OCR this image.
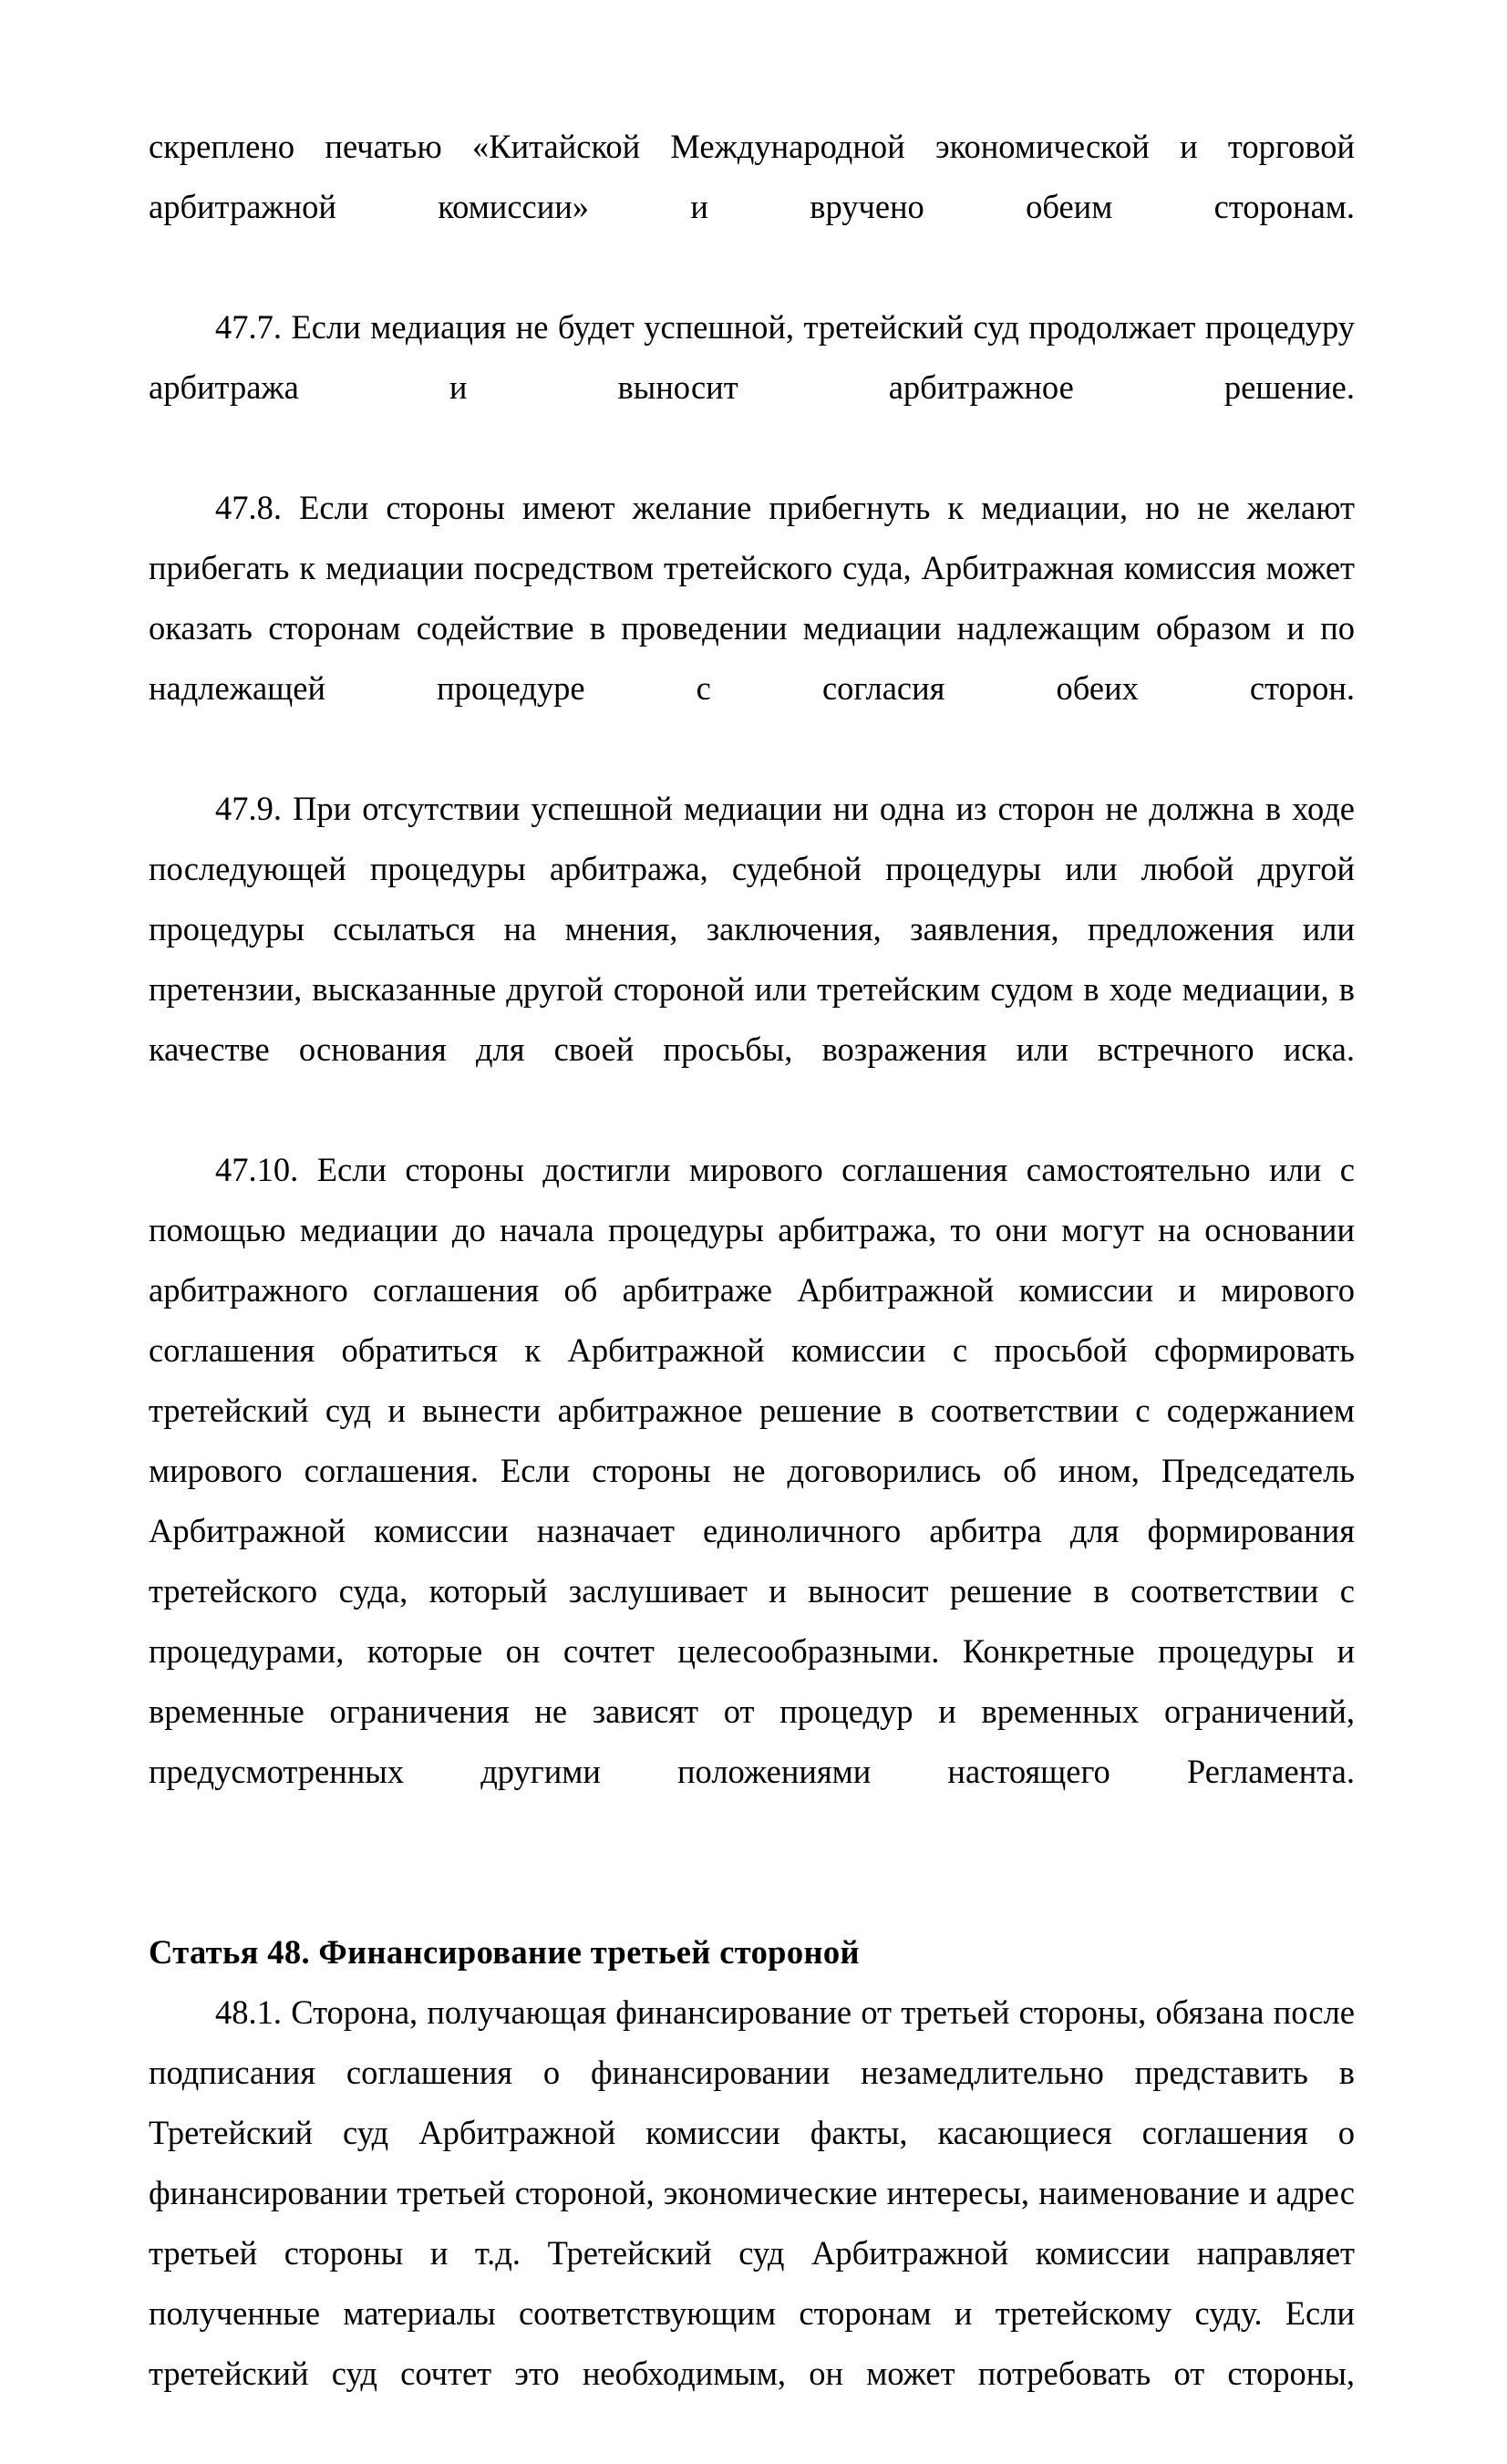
скреплено печатью «Китайской Международной экономической и торговой арбитражной комиссии» и вручено обеим сторонам.

47.7. Если медиация не будет успешной, третейский суд продолжает процедуру арбитража и выносит арбитражное решение.

47.8. Если стороны имеют желание прибегнуть к медиации, но не желают прибегать к медиации посредством третейского суда, Арбитражная комиссия может оказать сторонам содействие в проведении медиации надлежащим образом и по надлежащей процедуре с согласия обеих сторон.

47.9. При отсутствии успешной медиации ни одна из сторон не должна в ходе последующей процедуры арбитража, судебной процедуры или любой другой процедуры ссылаться на мнения, заключения, заявления, предложения или претензии, высказанные другой стороной или третейским судом в ходе медиации, в качестве основания для своей просьбы, возражения или встречного иска.

47.10. Если стороны достигли мирового соглашения самостоятельно или с помощью медиации до начала процедуры арбитража, то они могут на основании арбитражного соглашения об арбитраже Арбитражной комиссии и мирового соглашения обратиться к Арбитражной комиссии с просьбой сформировать третейский суд и вынести арбитражное решение в соответствии с содержанием мирового соглашения. Если стороны не договорились об ином, Председатель Арбитражной комиссии назначает единоличного арбитра для формирования третейского суда, который заслушивает и выносит решение в соответствии с процедурами, которые он сочтет целесообразными. Конкретные процедуры и временные ограничения не зависят от процедур и временных ограничений, предусмотренных другими положениями настоящего Регламента.

Статья 48. Финансирование третьей стороной

48.1. Сторона, получающая финансирование от третьей стороны, обязана после подписания соглашения о финансировании незамедлительно представить в Третейский суд Арбитражной комиссии факты, касающиеся соглашения о финансировании третьей стороной, экономические интересы, наименование и адрес третьей стороны и т.д. Третейский суд Арбитражной комиссии направляет полученные материалы соответствующим сторонам и третейскому суду. Если третейский суд сочтет это необходимым, он может потребовать от стороны,
